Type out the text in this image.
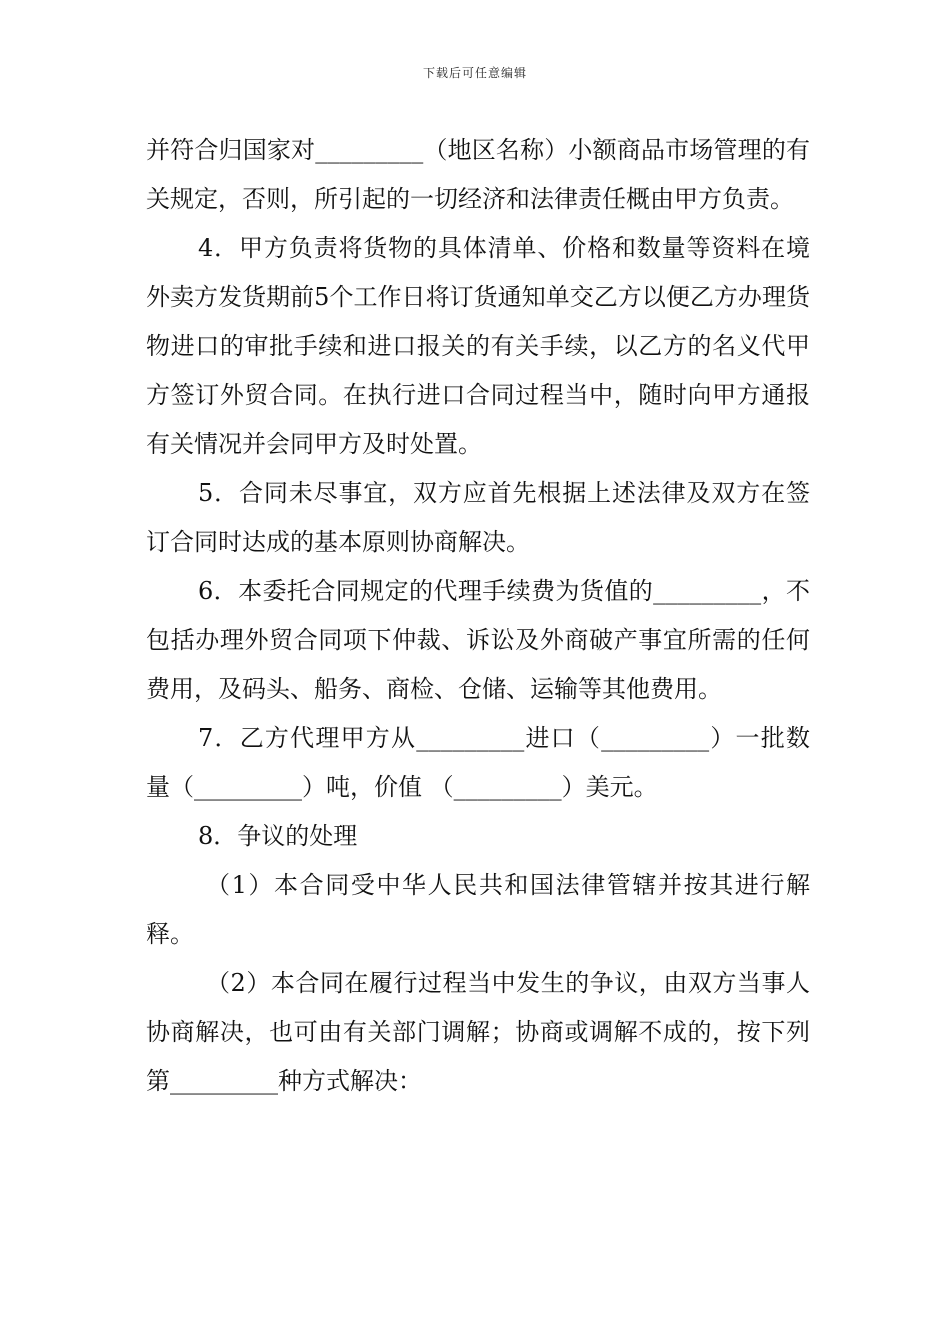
下载后可任意编辑

并符合归国家对_________（地区名称）小额商品市场管理的有关规定，否则，所引起的一切经济和法律责任概由甲方负责。

4．甲方负责将货物的具体清单、价格和数量等资料在境外卖方发货期前5个工作日将订货通知单交乙方以便乙方办理货物进口的审批手续和进口报关的有关手续，以乙方的名义代甲方签订外贸合同。在执行进口合同过程当中，随时向甲方通报有关情况并会同甲方及时处置。

5．合同未尽事宜，双方应首先根据上述法律及双方在签订合同时达成的基本原则协商解决。

6．本委托合同规定的代理手续费为货值的_________，不包括办理外贸合同项下仲裁、诉讼及外商破产事宜所需的任何费用，及码头、船务、商检、仓储、运输等其他费用。

7．乙方代理甲方从_________进口（_________）一批数量（_________）吨，价值 （_________）美元。

8．争议的处理

（1）本合同受中华人民共和国法律管辖并按其进行解释。

（2）本合同在履行过程当中发生的争议，由双方当事人协商解决，也可由有关部门调解；协商或调解不成的，按下列第_________种方式解决：
